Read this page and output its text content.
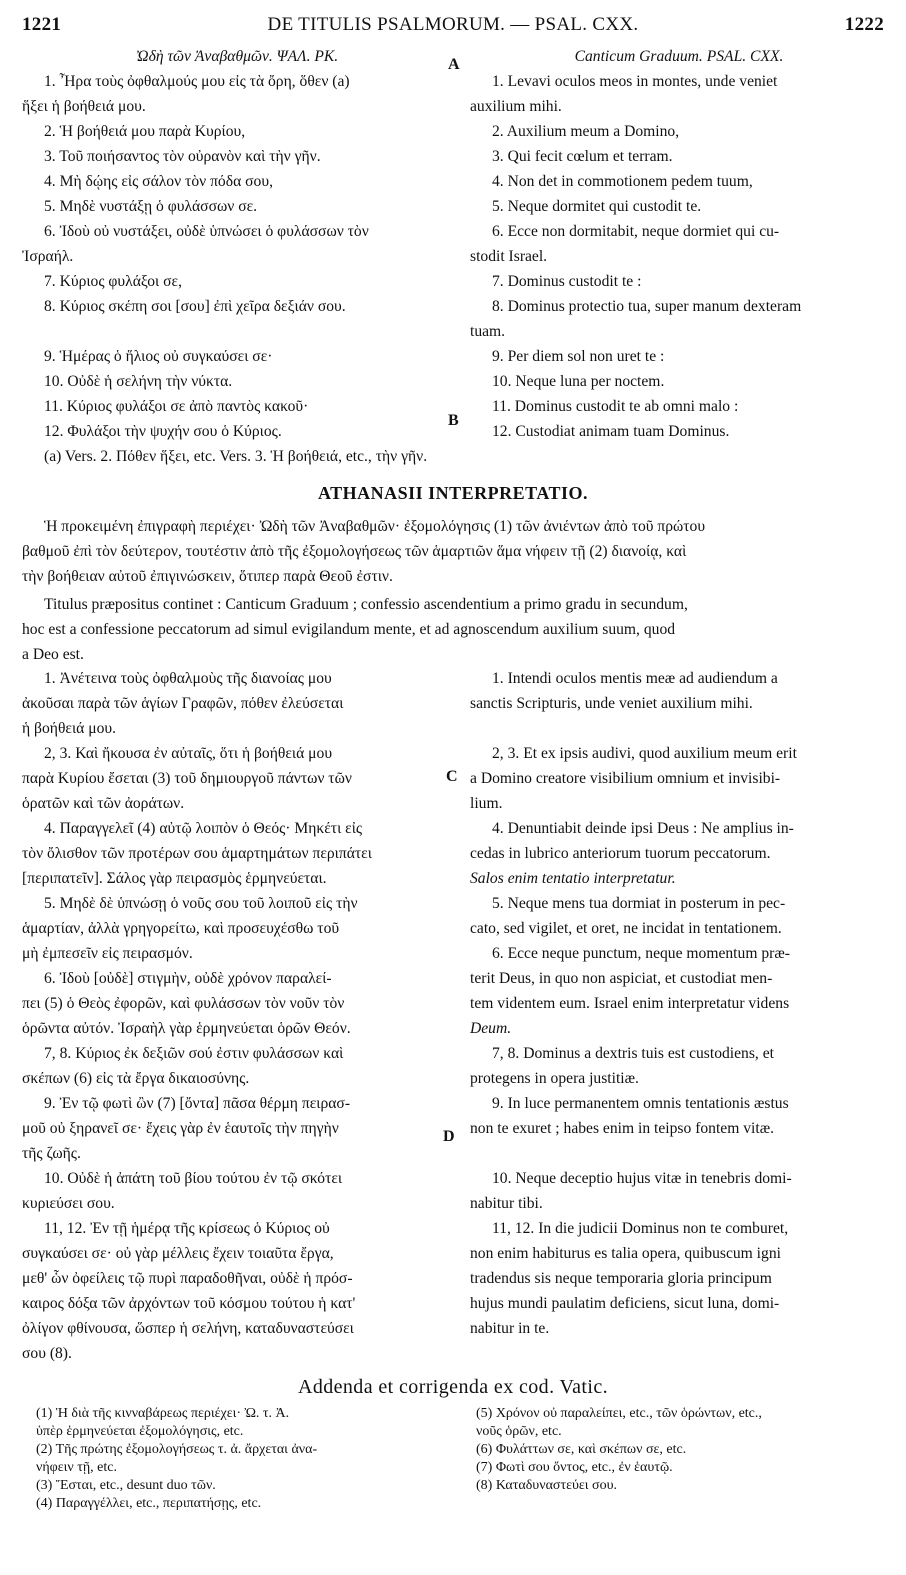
1221	DE TITULIS PSALMORUM. — PSAL. CXX.	1222
Ὠδὴ τῶν Ἀναβαθμῶν. ΨΑΛ. ΡΚ.
1. Ἦρα τοὺς ὀφθαλμούς μου εἰς τὰ ὄρη, ὅθεν (a)
ἥξει ἡ βοήθειά μου.
2. Ἡ βοήθειά μου παρὰ Κυρίου,
3. Τοῦ ποιήσαντος τὸν οὐρανὸν καὶ τὴν γῆν.
4. Μὴ δῴης εἰς σάλον τὸν πόδα σου,
5. Μηδὲ νυστάξῃ ὁ φυλάσσων σε.
6. Ἰδοὺ οὐ νυστάξει, οὐδὲ ὑπνώσει ὁ φυλάσσων τὸν
Ἰσραήλ.
7. Κύριος φυλάξοι σε,
8. Κύριος σκέπη σοι [σου] ἐπὶ χεῖρα δεξιάν σου.
9. Ἡμέρας ὁ ἥλιος οὐ συγκαύσει σε·
10. Οὐδὲ ἡ σελήνη τὴν νύκτα.
11. Κύριος φυλάξοι σε ἀπὸ παντὸς κακοῦ·
12. Φυλάξοι τὴν ψυχήν σου ὁ Κύριος.
Canticum Graduum. PSAL. CXX.
1. Levavi oculos meos in montes, unde veniet
auxilium mihi.
2. Auxilium meum a Domino,
3. Qui fecit cœlum et terram.
4. Non det in commotionem pedem tuum,
5. Neque dormitet qui custodit te.
6. Ecce non dormitabit, neque dormiet qui cu-
stodit Israel.
7. Dominus custodit te :
8. Dominus protectio tua, super manum dexteram
tuam.
9. Per diem sol non uret te :
10. Neque luna per noctem.
11. Dominus custodit te ab omni malo :
12. Custodiat animam tuam Dominus.
A
B
(a) Vers. 2. Πόθεν ἥξει, etc. Vers. 3. Ἡ βοήθειά, etc., τὴν γῆν.
ATHANASII INTERPRETATIO.
Ἡ προκειμένη ἐπιγραφὴ περιέχει· Ὠδὴ τῶν Ἀναβαθμῶν· ἐξομολόγησις (1) τῶν ἀνιέντων ἀπὸ τοῦ πρώτου
βαθμοῦ ἐπὶ τὸν δεύτερον, τουτέστιν ἀπὸ τῆς ἐξομολογήσεως τῶν ἁμαρτιῶν ἅμα νήφειν τῇ (2) διανοίᾳ, καὶ
τὴν βοήθειαν αὐτοῦ ἐπιγινώσκειν, ὅτιπερ παρὰ Θεοῦ ἐστιν.
Titulus præpositus continet : Canticum Graduum ; confessio ascendentium a primo gradu in secundum,
hoc est a confessione peccatorum ad simul evigilandum mente, et ad agnoscendum auxilium suum, quod
a Deo est.
1. Ἀνέτεινα τοὺς ὀφθαλμοὺς τῆς διανοίας μου
ἀκοῦσαι παρὰ τῶν ἁγίων Γραφῶν, πόθεν ἐλεύσεται
ἡ βοήθειά μου.
2, 3. Καὶ ἤκουσα ἐν αὐταῖς, ὅτι ἡ βοήθειά μου
παρὰ Κυρίου ἔσεται (3) τοῦ δημιουργοῦ πάντων τῶν
ὁρατῶν καὶ τῶν ἀοράτων.
4. Παραγγελεῖ (4) αὐτῷ λοιπὸν ὁ Θεός· Μηκέτι εἰς
τὸν ὄλισθον τῶν προτέρων σου ἁμαρτημάτων περιπάτει
[περιπατεῖν]. Σάλος γὰρ πειρασμὸς ἑρμηνεύεται.
5. Μηδὲ δὲ ὑπνώσῃ ὁ νοῦς σου τοῦ λοιποῦ εἰς τὴν
ἁμαρτίαν, ἀλλὰ γρηγορείτω, καὶ προσευχέσθω τοῦ
μὴ ἐμπεσεῖν εἰς πειρασμόν.
6. Ἰδοὺ [οὐδὲ] στιγμὴν, οὐδὲ χρόνον παραλεί-
πει (5) ὁ Θεὸς ἐφορῶν, καὶ φυλάσσων τὸν νοῦν τὸν
ὁρῶντα αὐτόν. Ἰσραὴλ γὰρ ἑρμηνεύεται ὁρῶν Θεόν.
7, 8. Κύριος ἐκ δεξιῶν σού ἐστιν φυλάσσων καὶ
σκέπων (6) εἰς τὰ ἔργα δικαιοσύνης.
9. Ἐν τῷ φωτὶ ὢν (7) [ὄντα] πᾶσα θέρμη πειρασ-
μοῦ οὐ ξηρανεῖ σε· ἔχεις γὰρ ἐν ἑαυτοῖς τὴν πηγὴν
τῆς ζωῆς.
10. Οὐδὲ ἡ ἀπάτη τοῦ βίου τούτου ἐν τῷ σκότει
κυριεύσει σου.
11, 12. Ἐν τῇ ἡμέρᾳ τῆς κρίσεως ὁ Κύριος οὐ
συγκαύσει σε· οὐ γὰρ μέλλεις ἔχειν τοιαῦτα ἔργα,
μεθ' ὧν ὀφείλεις τῷ πυρὶ παραδοθῆναι, οὐδὲ ἡ πρόσ-
καιρος δόξα τῶν ἀρχόντων τοῦ κόσμου τούτου ἡ κατ'
ὀλίγον φθίνουσα, ὥσπερ ἡ σελήνη, καταδυναστεύσει
σου (8).
1. Intendi oculos mentis meæ ad audiendum a
sanctis Scripturis, unde veniet auxilium mihi.
2, 3. Et ex ipsis audivi, quod auxilium meum erit
a Domino creatore visibilium omnium et invisibi-
lium.
4. Denuntiabit deinde ipsi Deus : Ne amplius in-
cedas in lubrico anteriorum tuorum peccatorum.
Salos enim tentatio interpretatur.
5. Neque mens tua dormiat in posterum in pec-
cato, sed vigilet, et oret, ne incidat in tentationem.
6. Ecce neque punctum, neque momentum præ-
terit Deus, in quo non aspiciat, et custodiat men-
tem videntem eum. Israel enim interpretatur videns
Deum.
7, 8. Dominus a dextris tuis est custodiens, et
protegens in opera justitiæ.
9. In luce permanentem omnis tentationis æstus
non te exuret ; habes enim in teipso fontem vitæ.
10. Neque deceptio hujus vitæ in tenebris domi-
nabitur tibi.
11, 12. In die judicii Dominus non te comburet,
non enim habiturus es talia opera, quibuscum igni
tradendus sis neque temporaria gloria principum
hujus mundi paulatim deficiens, sicut luna, domi-
nabitur in te.
C
D
Addenda et corrigenda ex cod. Vatic.
(1) Ἡ διὰ τῆς κινναβάρεως περιέχει· Ὠ. τ. Ἀ.
ὑπὲρ ἑρμηνεύεται ἐξομολόγησις, etc.
(2) Τῆς πρώτης ἐξομολογήσεως τ. ἀ. ἄρχεται ἀνα-
νήφειν τῇ, etc.
(3) Ἔσται, etc., desunt duo τῶν.
(4) Παραγγέλλει, etc., περιπατήσῃς, etc.
(5) Χρόνον οὐ παραλείπει, etc., τῶν ὁρώντων, etc.,
νοῦς ὁρῶν, etc.
(6) Φυλάττων σε, καὶ σκέπων σε, etc.
(7) Φωτὶ σου ὄντος, etc., ἐν ἑαυτῷ.
(8) Καταδυναστεύει σου.
